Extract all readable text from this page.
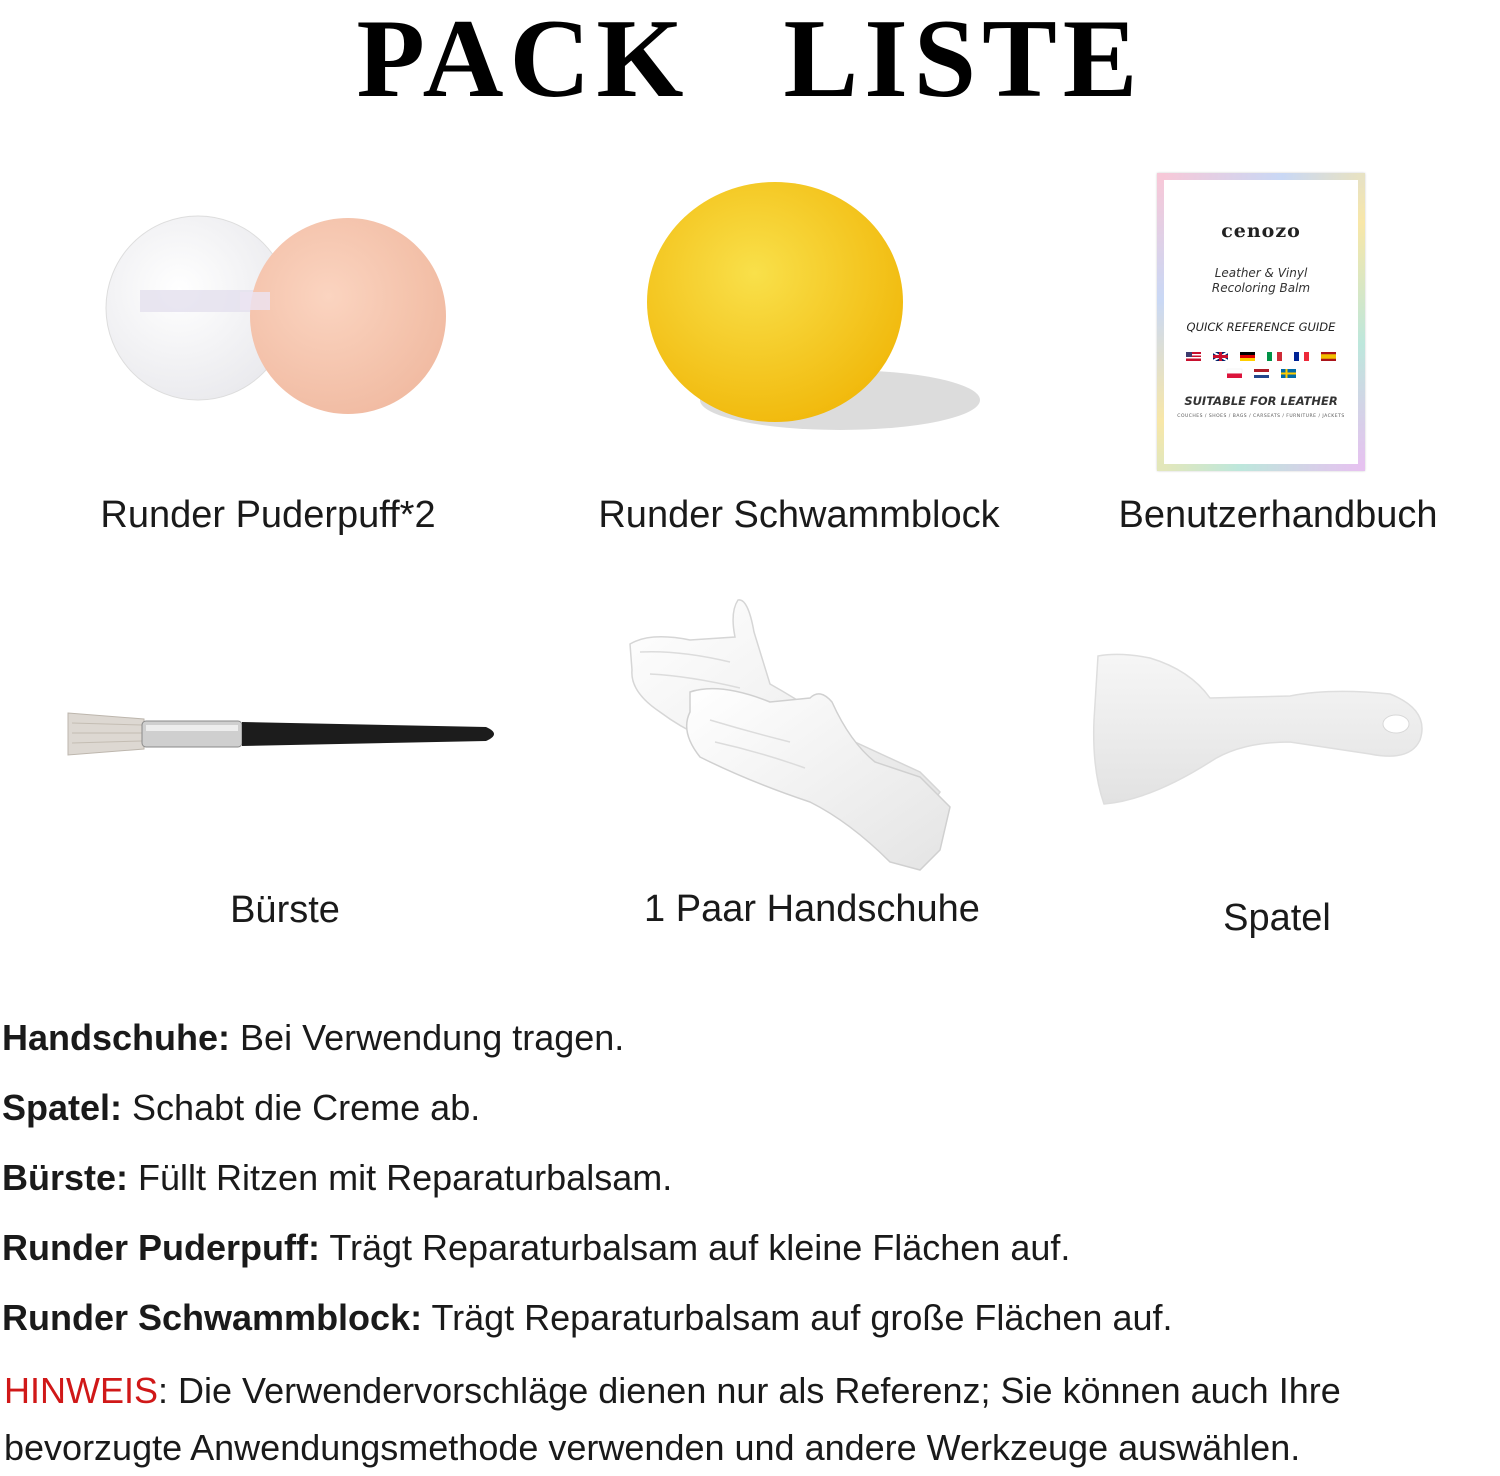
PACK LISTE
cenozo
Leather & Vinyl
Recoloring Balm
QUICK REFERENCE GUIDE
SUITABLE FOR LEATHER
COUCHES / SHOES / BAGS / CARSEATS / FURNITURE / JACKETS
Runder Puderpuff*2	Runder Schwammblock	Benutzerhandbuch
Bürste	1 Paar Handschuhe	Spatel
Handschuhe: Bei Verwendung tragen.
Spatel: Schabt die Creme ab.
Bürste: Füllt Ritzen mit Reparaturbalsam.
Runder Puderpuff: Trägt Reparaturbalsam auf kleine Flächen auf.
Runder Schwammblock: Trägt Reparaturbalsam auf große Flächen auf.
HINWEIS: Die Verwendervorschläge dienen nur als Referenz; Sie können auch Ihre bevorzugte Anwendungsmethode verwenden und andere Werkzeuge auswählen.
